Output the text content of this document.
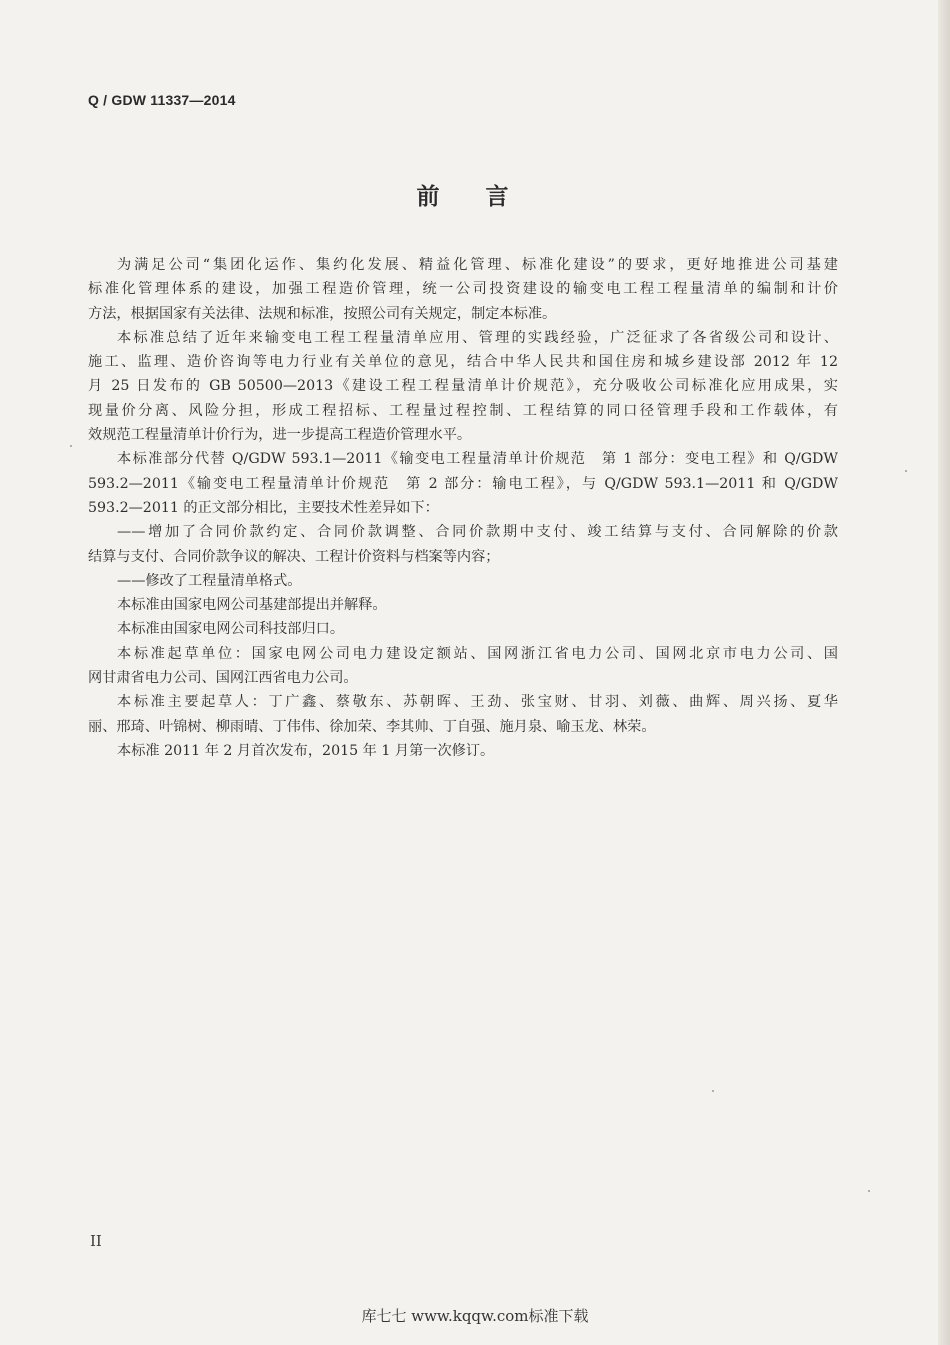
Q / GDW 11337—2014
前言
为满足公司“集团化运作、集约化发展、精益化管理、标准化建设”的要求，更好地推进公司基建
标准化管理体系的建设，加强工程造价管理，统一公司投资建设的输变电工程工程量清单的编制和计价
方法，根据国家有关法律、法规和标准，按照公司有关规定，制定本标准。
本标准总结了近年来输变电工程工程量清单应用、管理的实践经验，广泛征求了各省级公司和设计、
施工、监理、造价咨询等电力行业有关单位的意见，结合中华人民共和国住房和城乡建设部 2012 年 12
月 25 日发布的 GB 50500—2013《建设工程工程量清单计价规范》，充分吸收公司标准化应用成果，实
现量价分离、风险分担，形成工程招标、工程量过程控制、工程结算的同口径管理手段和工作载体，有
效规范工程量清单计价行为，进一步提高工程造价管理水平。
本标准部分代替 Q/GDW 593.1—2011《输变电工程量清单计价规范　第 1 部分：变电工程》和 Q/GDW
593.2—2011《输变电工程量清单计价规范　第 2 部分：输电工程》，与 Q/GDW 593.1—2011 和 Q/GDW
593.2—2011 的正文部分相比，主要技术性差异如下：
——增加了合同价款约定、合同价款调整、合同价款期中支付、竣工结算与支付、合同解除的价款
结算与支付、合同价款争议的解决、工程计价资料与档案等内容；
——修改了工程量清单格式。
本标准由国家电网公司基建部提出并解释。
本标准由国家电网公司科技部归口。
本标准起草单位：国家电网公司电力建设定额站、国网浙江省电力公司、国网北京市电力公司、国
网甘肃省电力公司、国网江西省电力公司。
本标准主要起草人：丁广鑫、蔡敬东、苏朝晖、王劲、张宝财、甘羽、刘薇、曲辉、周兴扬、夏华
丽、邢琦、叶锦树、柳雨晴、丁伟伟、徐加荣、李其帅、丁自强、施月泉、喻玉龙、林荣。
本标准 2011 年 2 月首次发布，2015 年 1 月第一次修订。
II
库七七 www.kqqw.com标准下载
